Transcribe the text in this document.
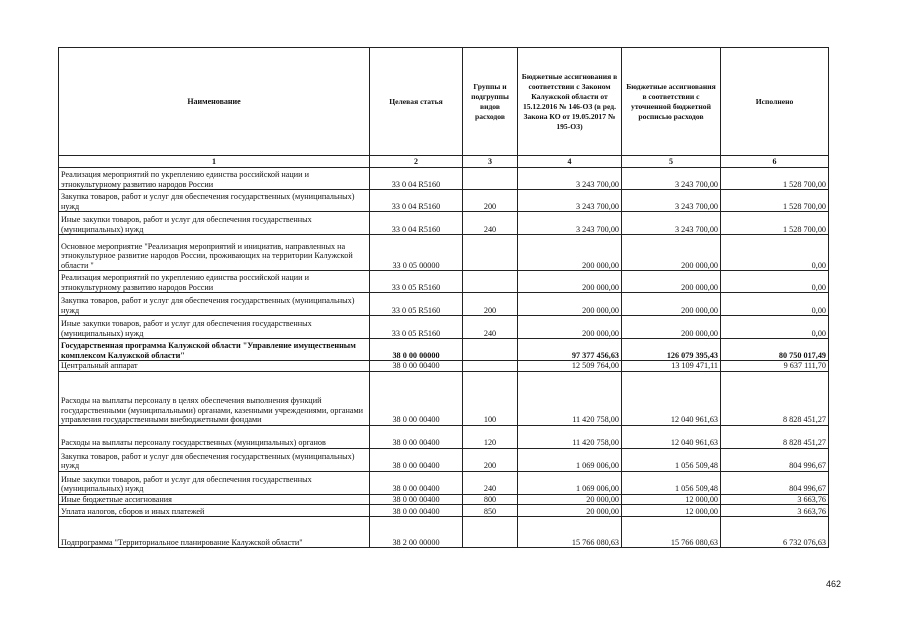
Наименование	Целевая статья	Группы и подгруппы видов расходов	Бюджетные ассигнования в соответствии с Законом Калужской области от 15.12.2016 № 146-ОЗ (в ред. Закона КО от 19.05.2017 № 195-ОЗ)	Бюджетные ассигнования в соответствии с уточненной бюджетной росписью расходов	Исполнено
1	2	3	4	5	6
Реализация мероприятий по укреплению единства российской нации и этнокультурному развитию народов России	33 0 04 R5160		3 243 700,00	3 243 700,00	1 528 700,00
Закупка товаров, работ и услуг для обеспечения государственных (муниципальных) нужд	33 0 04 R5160	200	3 243 700,00	3 243 700,00	1 528 700,00
Иные закупки товаров, работ и услуг для обеспечения государственных (муниципальных) нужд	33 0 04 R5160	240	3 243 700,00	3 243 700,00	1 528 700,00
Основное мероприятие "Реализация мероприятий и инициатив, направленных на этнокультурное развитие народов России, проживающих на территории Калужской области "	33 0 05 00000		200 000,00	200 000,00	0,00
Реализация мероприятий по укреплению единства российской нации и этнокультурному развитию народов России	33 0 05 R5160		200 000,00	200 000,00	0,00
Закупка товаров, работ и услуг для обеспечения государственных (муниципальных) нужд	33 0 05 R5160	200	200 000,00	200 000,00	0,00
Иные закупки товаров, работ и услуг для обеспечения государственных (муниципальных) нужд	33 0 05 R5160	240	200 000,00	200 000,00	0,00
Государственная программа Калужской области "Управление имущественным комплексом Калужской области"	38 0 00 00000		97 377 456,63	126 079 395,43	80 750 017,49
Центральный аппарат	38 0 00 00400		12 509 764,00	13 109 471,11	9 637 111,70
Расходы на выплаты персоналу в целях обеспечения выполнения функций государственными (муниципальными) органами, казенными учреждениями, органами управления государственными внебюджетными фондами	38 0 00 00400	100	11 420 758,00	12 040 961,63	8 828 451,27
Расходы на выплаты персоналу государственных (муниципальных) органов	38 0 00 00400	120	11 420 758,00	12 040 961,63	8 828 451,27
Закупка товаров, работ и услуг для обеспечения государственных (муниципальных) нужд	38 0 00 00400	200	1 069 006,00	1 056 509,48	804 996,67
Иные закупки товаров, работ и услуг для обеспечения государственных (муниципальных) нужд	38 0 00 00400	240	1 069 006,00	1 056 509,48	804 996,67
Иные бюджетные ассигнования	38 0 00 00400	800	20 000,00	12 000,00	3 663,76
Уплата налогов, сборов и иных платежей	38 0 00 00400	850	20 000,00	12 000,00	3 663,76
Подпрограмма "Территориальное планирование Калужской области"	38 2 00 00000		15 766 080,63	15 766 080,63	6 732 076,63
462
